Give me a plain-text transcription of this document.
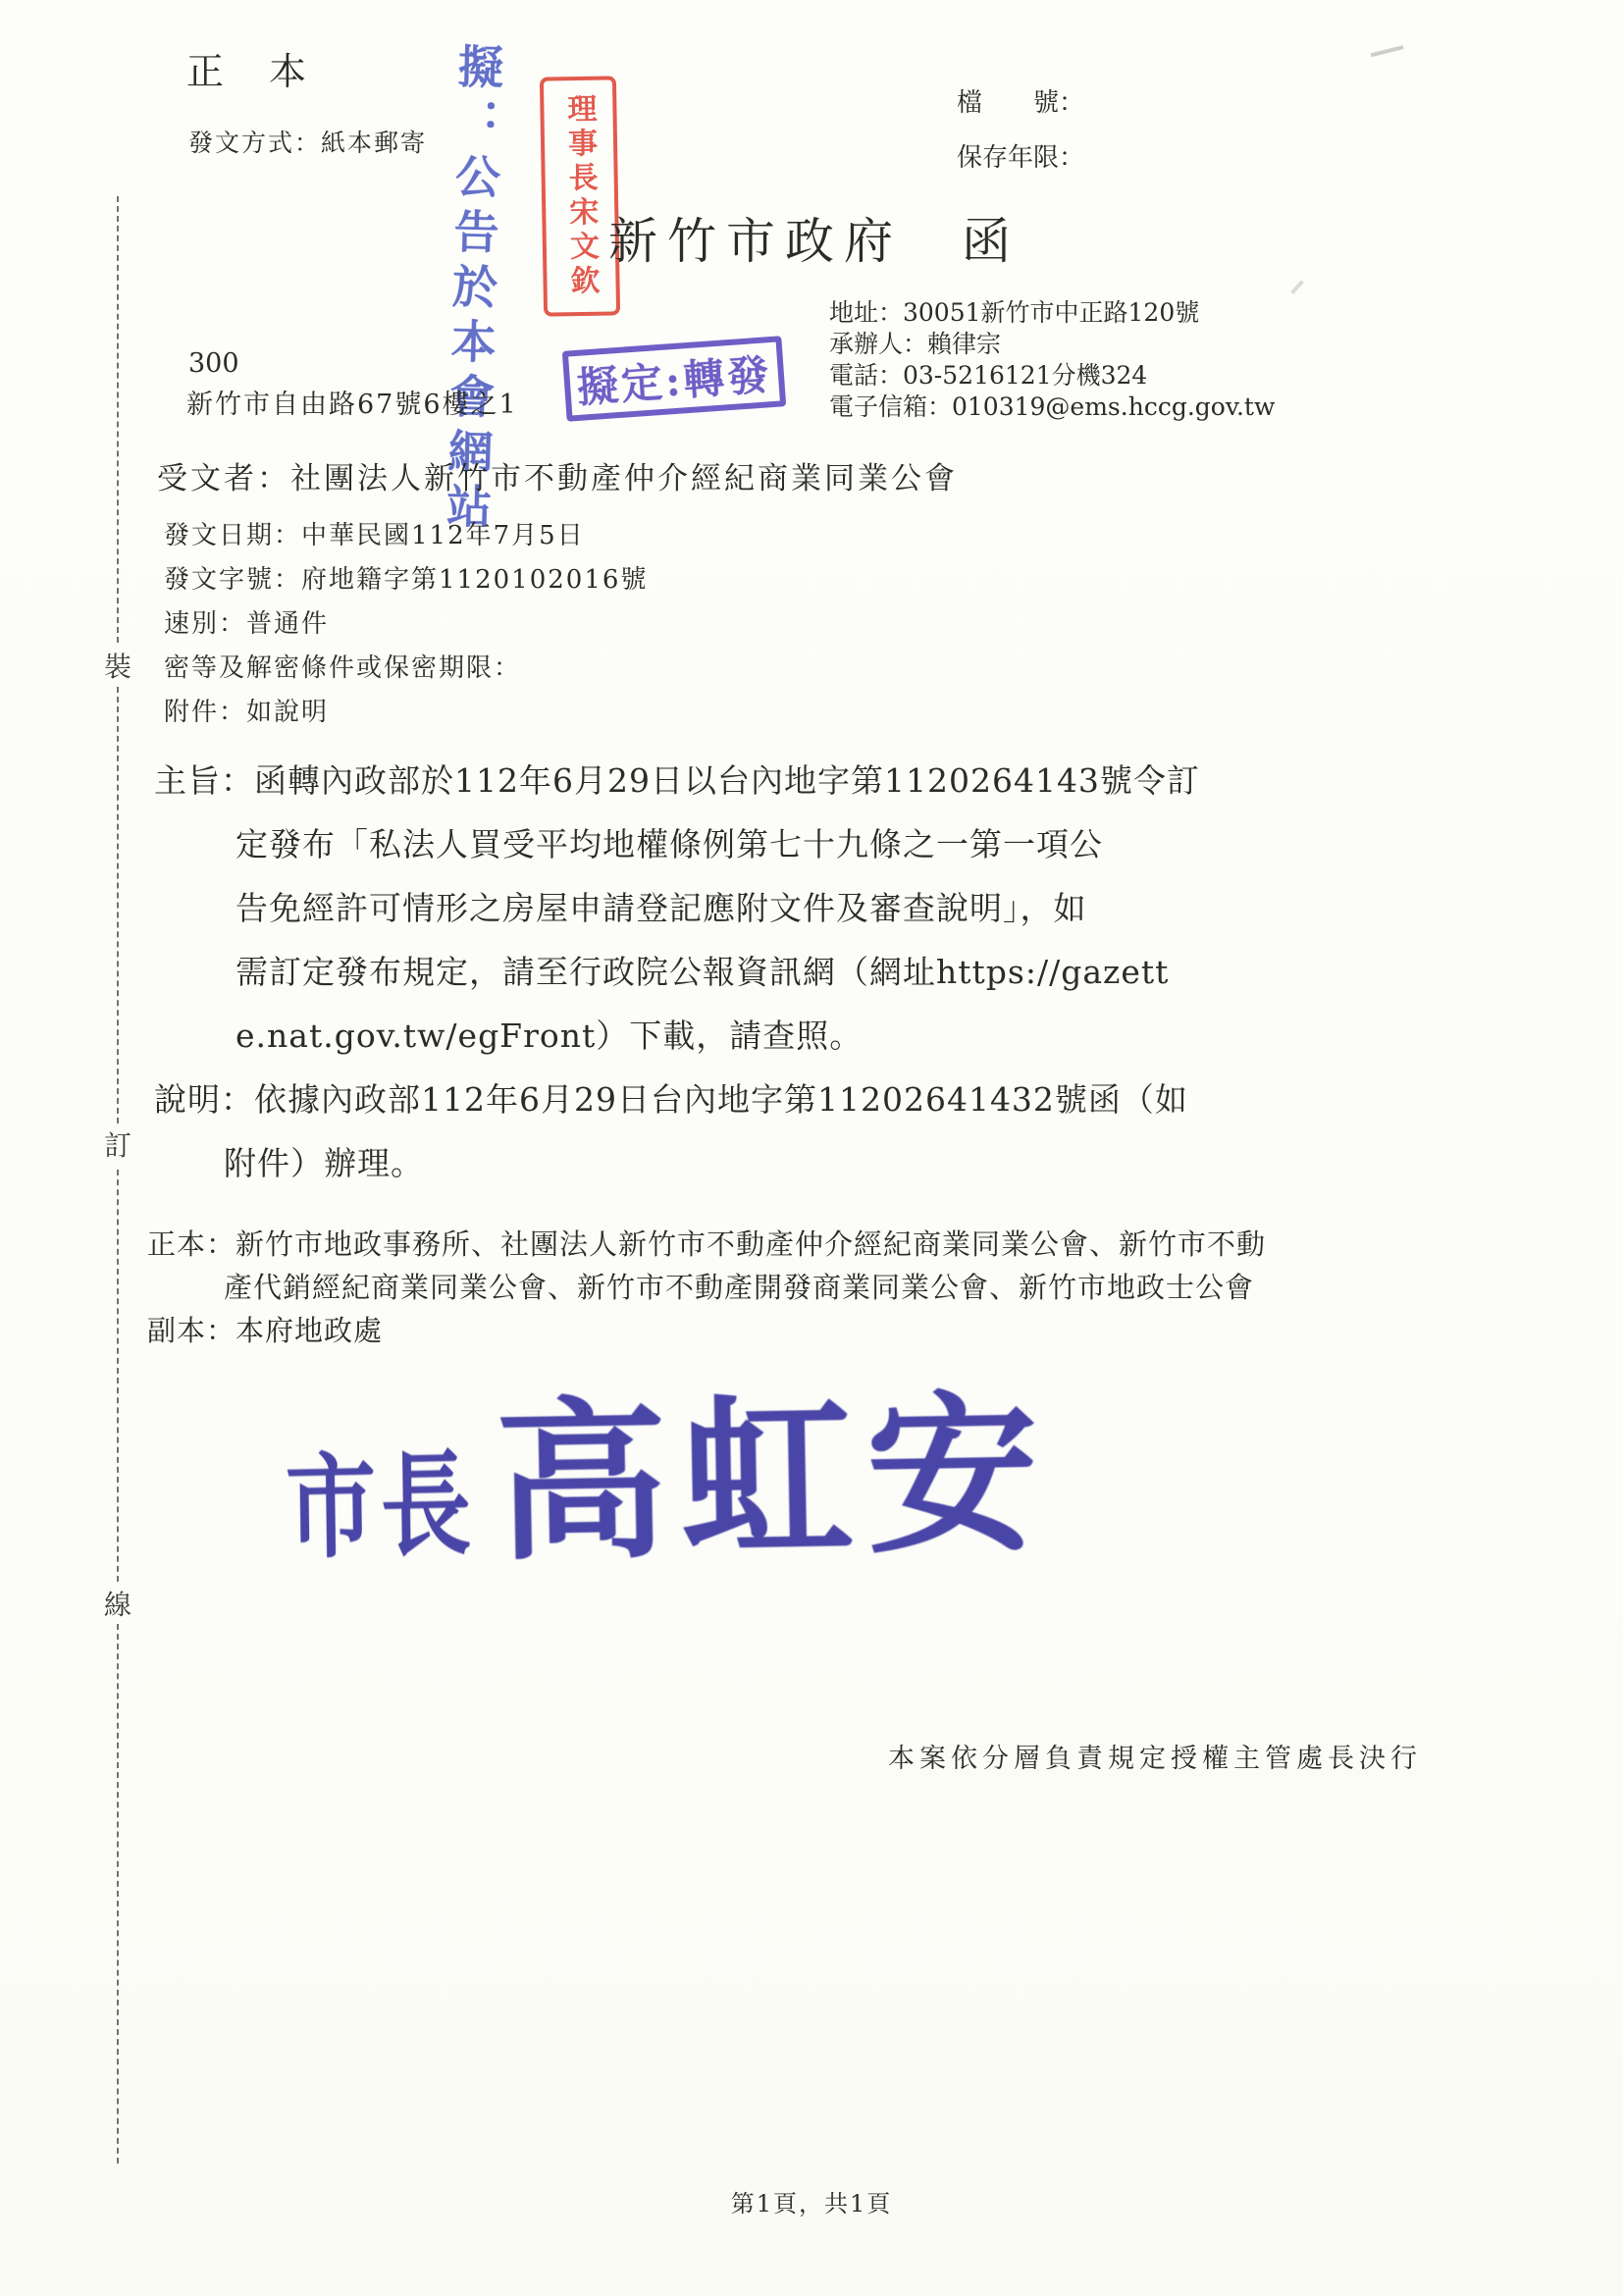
裝
訂
線
正　本
發文方式：紙本郵寄 擬：公告於本會網站 理事長宋文欽
擬定:轉發
檔　　號：
保存年限：
新竹市政府　函
地址：30051新竹市中正路120號
承辦人：賴律宗
電話：03-5216121分機324
電子信箱：010319@ems.hccg.gov.tw
300
新竹市自由路67號6樓之1
受文者：社團法人新竹市不動產仲介經紀商業同業公會
發文日期：中華民國112年7月5日
發文字號：府地籍字第1120102016號
速別：普通件
密等及解密條件或保密期限：
附件：如說明
主旨：函轉內政部於112年6月29日以台內地字第1120264143號令訂
定發布「私法人買受平均地權條例第七十九條之一第一項公
告免經許可情形之房屋申請登記應附文件及審查說明」，如
需訂定發布規定，請至行政院公報資訊網（網址https://gazett
e.nat.gov.tw/egFront）下載，請查照。
說明：依據內政部112年6月29日台內地字第11202641432號函（如
附件）辦理。
正本：新竹市地政事務所、社團法人新竹市不動產仲介經紀商業同業公會、新竹市不動
產代銷經紀商業同業公會、新竹市不動產開發商業同業公會、新竹市地政士公會
副本：本府地政處
市長 高虹安
本案依分層負責規定授權主管處長決行
第1頁，共1頁
